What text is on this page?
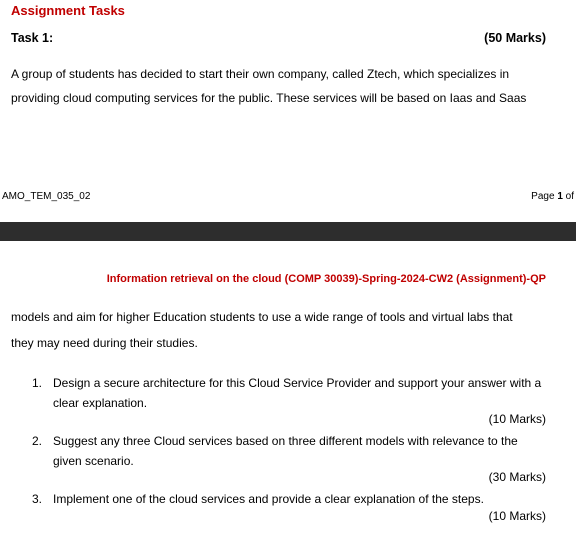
Assignment Tasks
Task 1:	(50 Marks)
A group of students has decided to start their own company, called Ztech, which specializes in
providing cloud computing services for the public. These services will be based on Iaas and Saas
AMO_TEM_035_02	Page 1 of
Information retrieval on the cloud (COMP 30039)-Spring-2024-CW2 (Assignment)-QP
models and aim for higher Education students to use a wide range of tools and virtual labs that
they may need during their studies.
1. Design a secure architecture for this Cloud Service Provider and support your answer with a clear explanation.
(10 Marks)
2. Suggest any three Cloud services based on three different models with relevance to the given scenario.
(30 Marks)
3. Implement one of the cloud services and provide a clear explanation of the steps.
(10 Marks)
